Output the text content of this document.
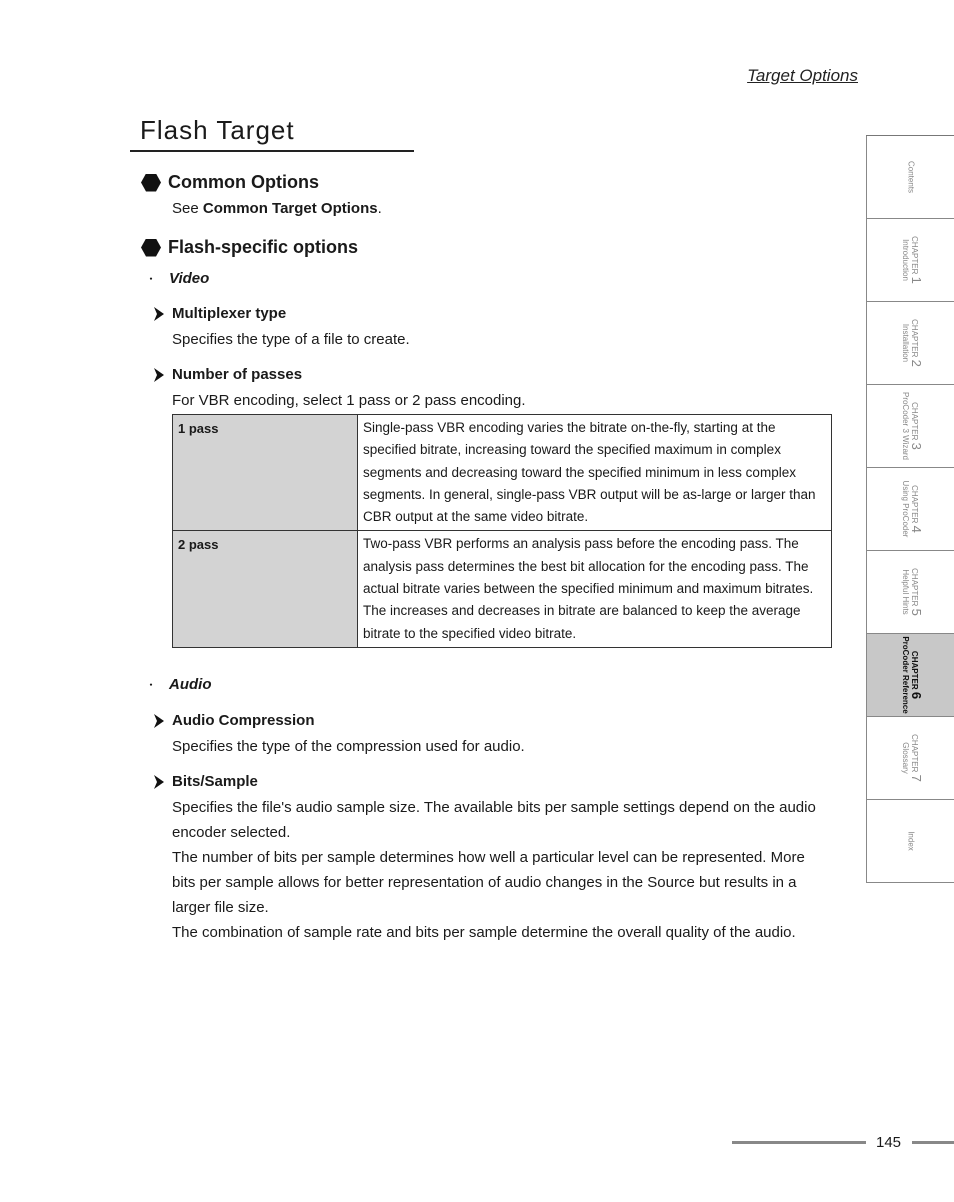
Target Options
Flash Target
Common Options
See Common Target Options.
Flash-specific options
・ Video
Multiplexer type
Specifies the type of a file to create.
Number of passes
For VBR encoding, select 1 pass or 2 pass encoding.
1 pass	Single-pass VBR encoding varies the bitrate on-the-fly, starting at the specified bitrate, increasing toward the specified maximum in complex segments and decreasing toward the specified minimum in less complex segments. In general, single-pass VBR output will be as-large or larger than CBR output at the same video bitrate.
2 pass	Two-pass VBR performs an analysis pass before the encoding pass. The analysis pass determines the best bit allocation for the encoding pass. The actual bitrate varies between the specified minimum and maximum bitrates. The increases and decreases in bitrate are balanced to keep the average bitrate to the specified video bitrate.
・ Audio
Audio Compression
Specifies the type of the compression used for audio.
Bits/Sample
Specifies the file's audio sample size. The available bits per sample settings depend on the audio encoder selected.
The number of bits per sample determines how well a particular level can be represented. More bits per sample allows for better representation of audio changes in the Source but results in a larger file size.
The combination of sample rate and bits per sample determine the overall quality of the audio.
Contents
CHAPTER 1
Introduction
CHAPTER 2
Installation
CHAPTER 3
ProCoder 3 Wizard
CHAPTER 4
Using ProCoder
CHAPTER 5
Helpful Hints
CHAPTER 6
ProCoder Reference
CHAPTER 7
Glossary
Index
145
